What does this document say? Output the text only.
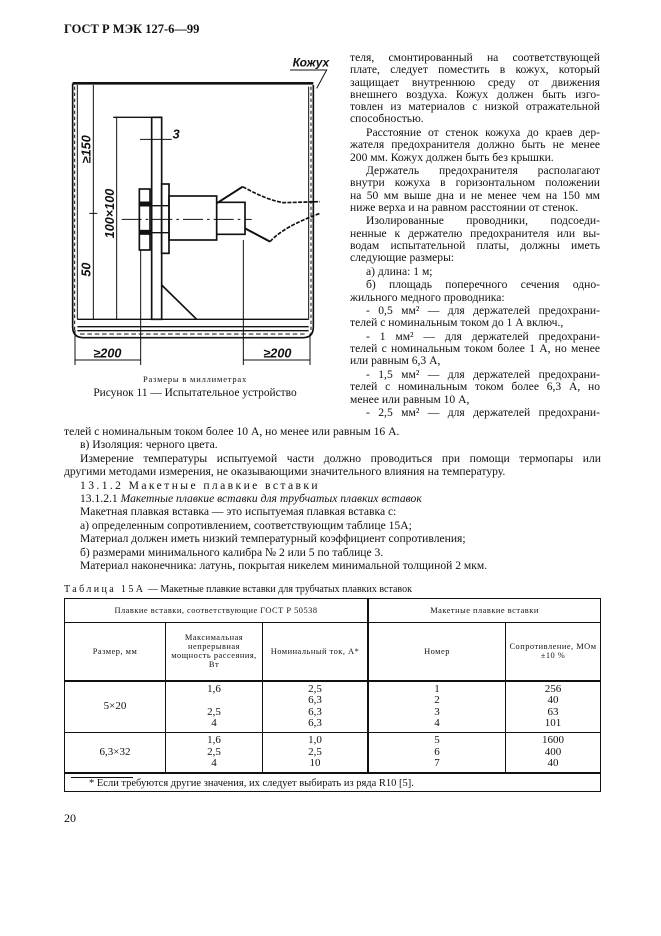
ГОСТ Р МЭК 127-6—99
Кожух
≥150
50
100×100
3
≥200	≥200
Размеры в миллиметрах
Рисунок 11 — Испытательное устройство
теля, смонтированный на соответствующей
плате, следует поместить в кожух, который
защищает внутреннюю среду от движения
внешнего воздуха. Кожух должен быть изго-
товлен из материалов с низкой отражательной
способностью.
Расстояние от стенок кожуха до краев дер-
жателя предохранителя должно быть не менее
200 мм. Кожух должен быть без крышки.
Держатель предохранителя располагают
внутри кожуха в горизонтальном положении
на 50 мм выше дна и не менее чем на 150 мм
ниже верха и на равном расстоянии от стенок.
Изолированные проводники, подсоеди-
ненные к держателю предохранителя или вы-
водам испытательной платы, должны иметь
следующие размеры:
а) длина: 1 м;
б) площадь поперечного сечения одно-
жильного медного проводника:
- 0,5 мм² — для держателей предохрани-
телей с номинальным током до 1 А включ.,
- 1 мм² — для держателей предохрани-
телей с номинальным током более 1 А, но менее
или равным 6,3 А,
- 1,5 мм² — для держателей предохрани-
телей с номинальным током более 6,3 А, но
менее или равным 10 А,
- 2,5 мм² — для держателей предохрани-
телей с номинальным током более 10 А, но менее или равным 16 А.
в) Изоляция: черного цвета.
Измерение температуры испытуемой части должно проводиться при помощи термопары или
другими методами измерения, не оказывающими значительного влияния на температуру.
13.1.2 Макетные плавкие вставки
13.1.2.1 Макетные плавкие вставки для трубчатых плавких вставок
Макетная плавкая вставка — это испытуемая плавкая вставка с:
а) определенным сопротивлением, соответствующим таблице 15А;
Материал должен иметь низкий температурный коэффициент сопротивления;
б) размерами минимального калибра № 2 или 5 по таблице 3.
Материал наконечника: латунь, покрытая никелем минимальной толщиной 2 мкм.
Таблица 15А — Макетные плавкие вставки для трубчатых плавких вставок
Плавкие вставки, соответствующие ГОСТ Р 50538			Макетные плавкие вставки	
Размер, мм	Максимальная непрерывная мощность рассеяния, Вт	Номинальный ток, А*	Номер	Сопротивление, МОм ±10 %
5×20	1,6

2,5
4	2,5
6,3
6,3
6,3	1
2
3
4	256
40
63
101
6,3×32	1,6
2,5
4	1,0
2,5
10	5
6
7	1600
400
40

* Если требуются другие значения, их следует выбирать из ряда R10 [5].				
20
